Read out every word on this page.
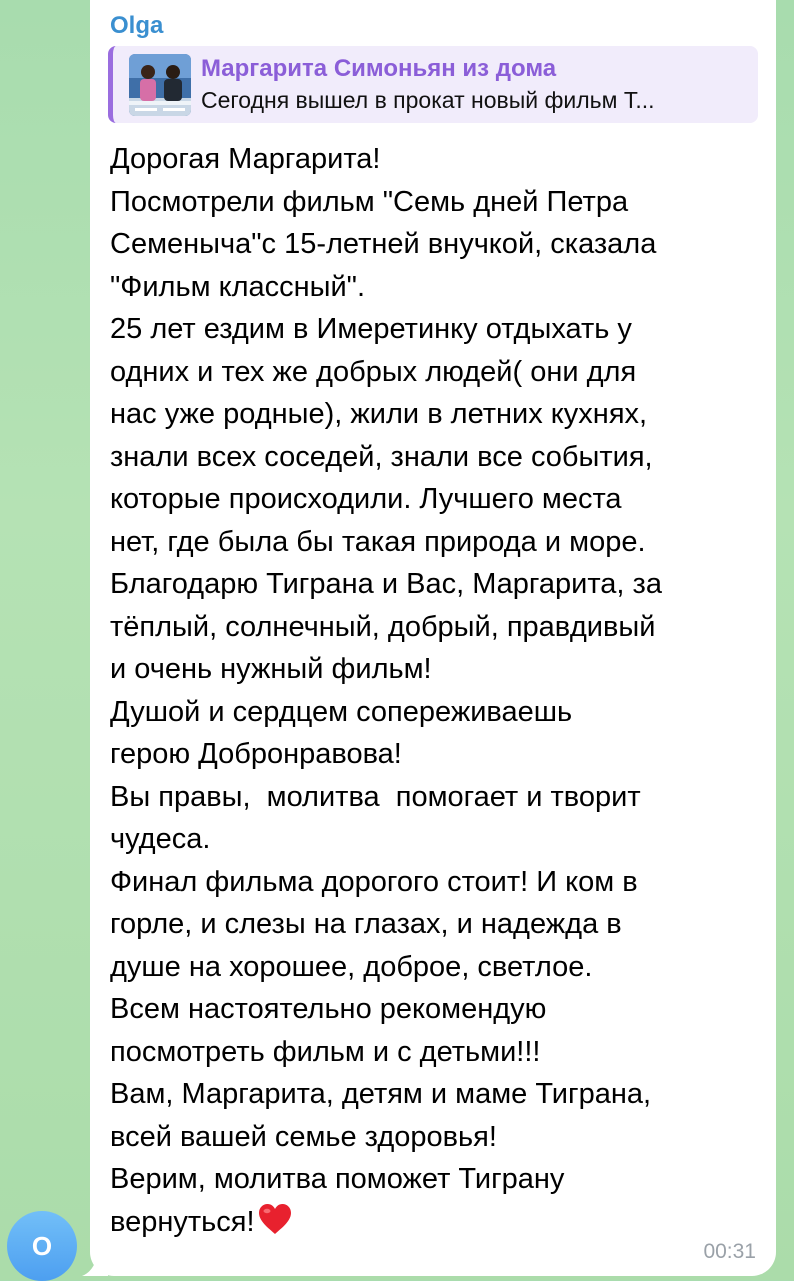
O
Olga
Маргарита Симоньян из дома
Сегодня вышел в прокат новый фильм Т...

Дорогая Маргарита!
Посмотрели фильм "Семь дней Петра
Семеныча"с 15-летней внучкой, сказала
"Фильм классный".
25 лет ездим в Имеретинку отдыхать у
одних и тех же добрых людей( они для
нас уже родные), жили в летних кухнях,
знали всех соседей, знали все события,
которые происходили. Лучшего места
нет, где была бы такая природа и море.
Благодарю Тиграна и Вас, Маргарита, за
тёплый, солнечный, добрый, правдивый
и очень нужный фильм!
Душой и сердцем сопереживаешь
герою Добронравова!
Вы правы,  молитва  помогает и творит
чудеса.
Финал фильма дорогого стоит! И ком в
горле, и слезы на глазах, и надежда в
душе на хорошее, доброе, светлое.
Всем настоятельно рекомендую
посмотреть фильм и с детьми!!!
Вам, Маргарита, детям и маме Тиграна,
всей вашей семье здоровья!
Верим, молитва поможет Тиграну
вернуться!

00:31
